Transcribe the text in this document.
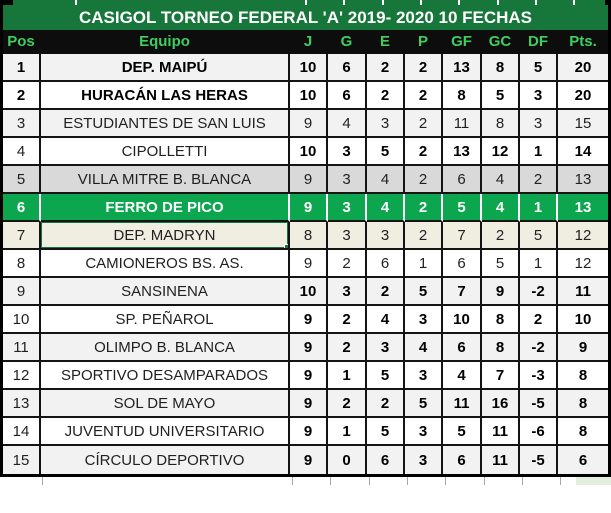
CASIGOL TORNEO FEDERAL 'A' 2019- 2020 10 FECHAS
Pos	Equipo	J	G	E	P	GF	GC	DF	Pts.
1	DEP. MAIPÚ	10	6	2	2	13	8	5	20
2	HURACÁN LAS HERAS	10	6	2	2	8	5	3	20
3	ESTUDIANTES DE SAN LUIS	9	4	3	2	11	8	3	15
4	CIPOLLETTI	10	3	5	2	13	12	1	14
5	VILLA MITRE B. BLANCA	9	3	4	2	6	4	2	13
6	FERRO DE PICO	9	3	4	2	5	4	1	13
7	DEP. MADRYN	8	3	3	2	7	2	5	12
8	CAMIONEROS BS. AS.	9	2	6	1	6	5	1	12
9	SANSINENA	10	3	2	5	7	9	-2	11
10	SP. PEÑAROL	9	2	4	3	10	8	2	10
11	OLIMPO B. BLANCA	9	2	3	4	6	8	-2	9
12	SPORTIVO DESAMPARADOS	9	1	5	3	4	7	-3	8
13	SOL DE MAYO	9	2	2	5	11	16	-5	8
14	JUVENTUD UNIVERSITARIO	9	1	5	3	5	11	-6	8
15	CÍRCULO DEPORTIVO	9	0	6	3	6	11	-5	6
